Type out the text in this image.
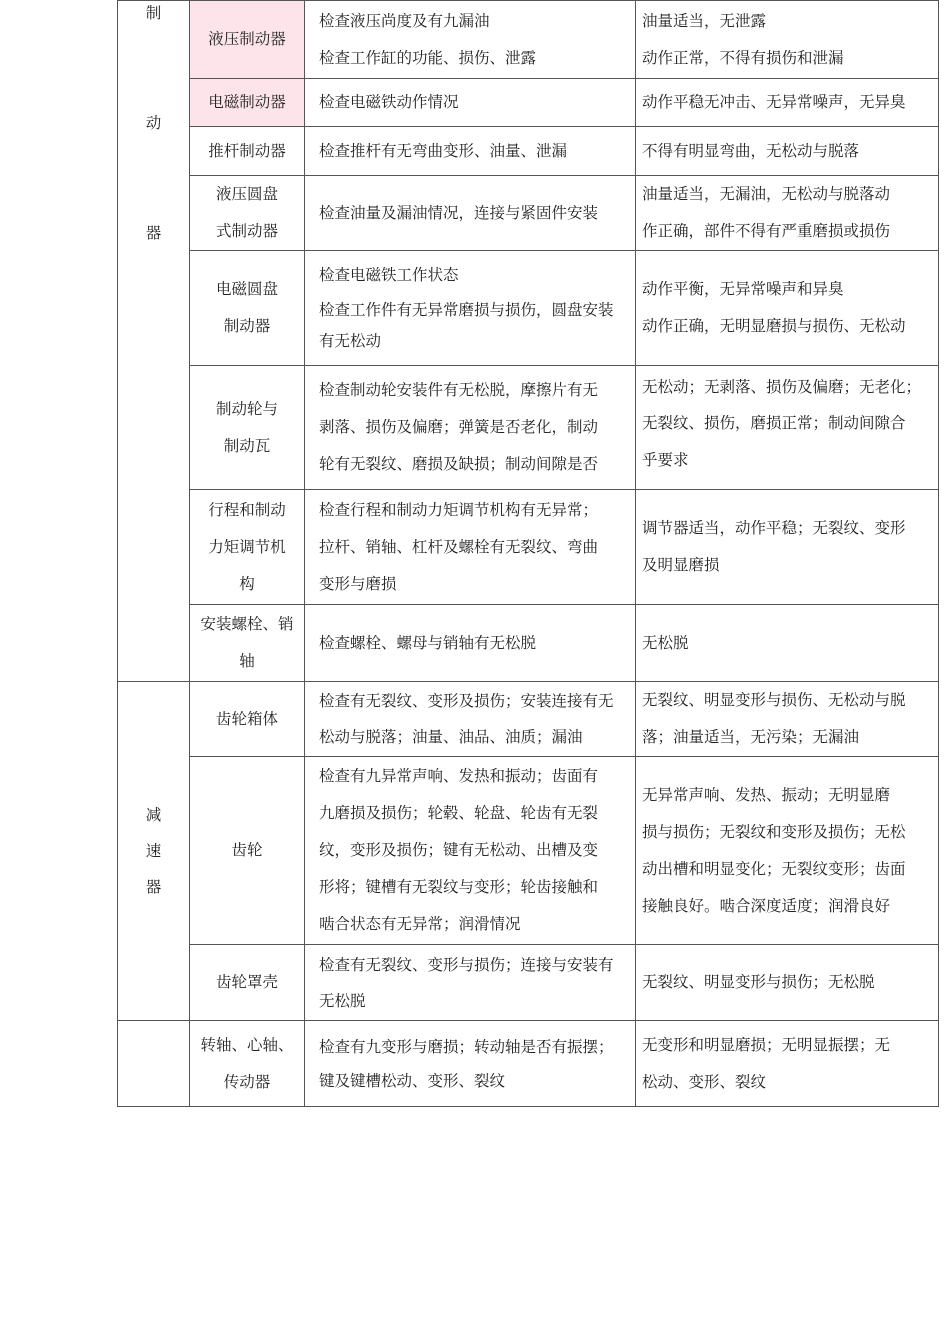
制
动
器	液压制动器	检查液压尚度及有九漏油
检查工作缸的功能、损伤、泄露	油量适当，无泄露
动作正常，不得有损伤和泄漏

	电磁制动器	检查电磁铁动作情况	动作平稳无冲击、无异常噪声，无异臭

	推杆制动器	检查推杆有无弯曲变形、油量、泄漏	不得有明显弯曲，无松动与脱落

	液压圆盘
式制动器	检查油量及漏油情况，连接与紧固件安装	油量适当，无漏油，无松动与脱落动
作正确，部件不得有严重磨损或损伤

	电磁圆盘
制动器	检查电磁铁工作状态
检查工作件有无异常磨损与损伤，圆盘安装
有无松动	动作平衡，无异常噪声和异臭
动作正确，无明显磨损与损伤、无松动

	制动轮与
制动瓦	检查制动轮安装件有无松脱，摩擦片有无
剥落、损伤及偏磨；弹簧是否老化，制动
轮有无裂纹、磨损及缺损；制动间隙是否	无松动；无剥落、损伤及偏磨；无老化；
无裂纹、损伤，磨损正常；制动间隙合
乎要求

	行程和制动
力矩调节机
构	检查行程和制动力矩调节机构有无异常；
拉杆、销轴、杠杆及螺栓有无裂纹、弯曲
变形与磨损	调节器适当，动作平稳；无裂纹、变形
及明显磨损

	安装螺栓、销
轴	检查螺栓、螺母与销轴有无松脱	无松脱

减
速
器	齿轮箱体	检查有无裂纹、变形及损伤；安装连接有无
松动与脱落；油量、油品、油质；漏油	无裂纹、明显变形与损伤、无松动与脱
落；油量适当，无污染；无漏油

	齿轮	检查有九异常声响、发热和振动；齿面有
九磨损及损伤；轮毂、轮盘、轮齿有无裂
纹，变形及损伤；键有无松动、出槽及变
形将；键槽有无裂纹与变形；轮齿接触和
啮合状态有无异常；润滑情况	无异常声响、发热、振动；无明显磨
损与损伤；无裂纹和变形及损伤；无松
动出槽和明显变化；无裂纹变形；齿面
接触良好。啮合深度适度；润滑良好

	齿轮罩壳	检查有无裂纹、变形与损伤；连接与安装有
无松脱	无裂纹、明显变形与损伤；无松脱

	转轴、心轴、
传动器	检查有九变形与磨损；转动轴是否有振摆；
键及键槽松动、变形、裂纹	无变形和明显磨损；无明显振摆；无
松动、变形、裂纹
